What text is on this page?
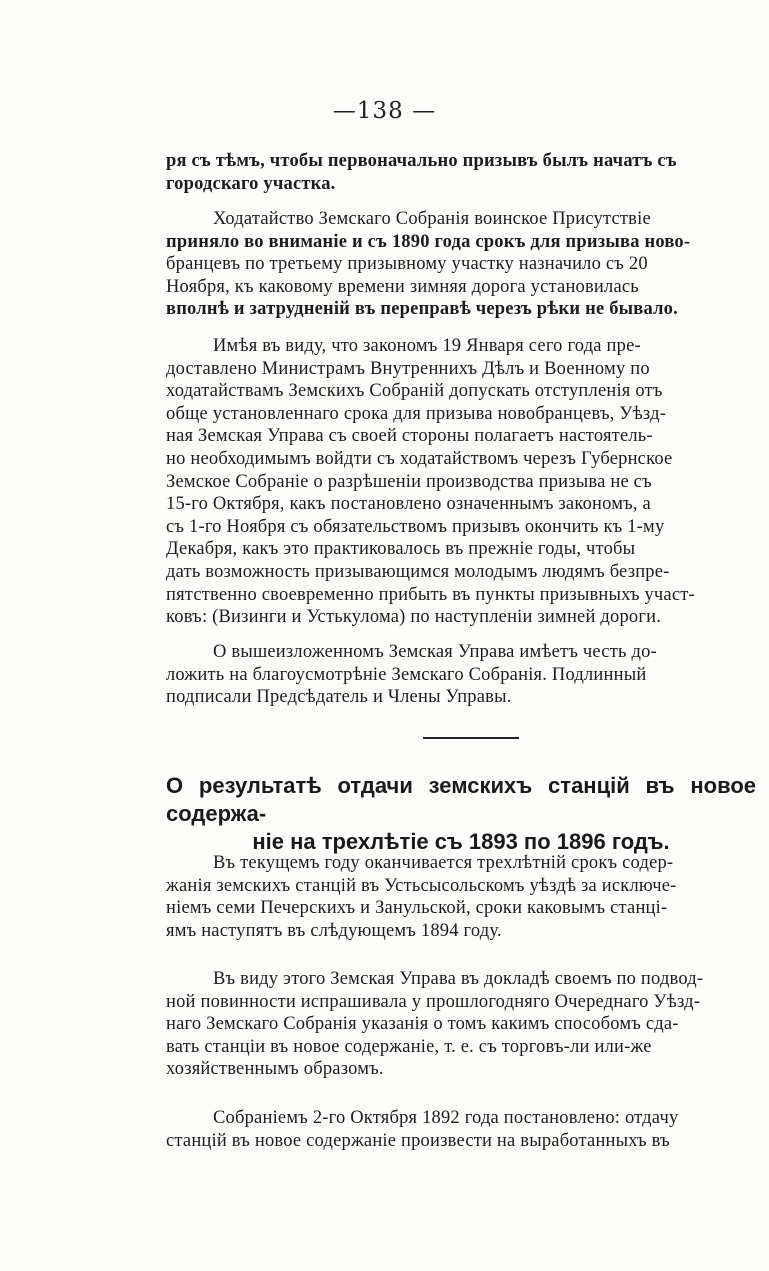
—138 —

ря съ тѣмъ, чтобы первоначально призывъ былъ начатъ съ
городскаго участка.

Ходатайство Земскаго Собранія воинское Присутствіе
приняло во вниманіе и съ 1890 года срокъ для призыва ново-
бранцевъ по третьему призывному участку назначило съ 20
Ноября, къ каковому времени зимняя дорога установилась
вполнѣ и затрудненій въ переправѣ черезъ рѣки не бывало.

Имѣя въ виду, что закономъ 19 Января сего года пре-
доставлено Министрамъ Внутреннихъ Дѣлъ и Военному по
ходатайствамъ Земскихъ Собраній допускать отступленія отъ
обще установленнаго срока для призыва новобранцевъ, Уѣзд-
ная Земская Управа съ своей стороны полагаетъ настоятель-
но необходимымъ войдти съ ходатайствомъ черезъ Губернское
Земское Собраніе о разрѣшеніи производства призыва не съ
15-го Октября, какъ постановлено означеннымъ закономъ, а
съ 1-го Ноября съ обязательствомъ призывъ окончить къ 1-му
Декабря, какъ это практиковалось въ прежніе годы, чтобы
дать возможность призывающимся молодымъ людямъ безпре-
пятственно своевременно прибыть въ пункты призывныхъ участ-
ковъ: (Визинги и Устькулома) по наступленіи зимней дороги.

О вышеизложенномъ Земская Управа имѣетъ честь до-
ложить на благоусмотрѣніе Земскаго Собранія. Подлинный
подписали Предсѣдатель и Члены Управы.

О результатѣ отдачи земскихъ станцій въ новое содержа-
ніе на трехлѣтіе съ 1893 по 1896 годъ.

Въ текущемъ году оканчивается трехлѣтній срокъ содер-
жанія земскихъ станцій въ Устьсысольскомъ уѣздѣ за исключе-
ніемъ семи Печерскихъ и Занульской, сроки каковымъ станці-
ямъ наступятъ въ слѣдующемъ 1894 году.

Въ виду этого Земская Управа въ докладѣ своемъ по подвод-
ной повинности испрашивала у прошлогодняго Очереднаго Уѣзд-
наго Земскаго Собранія указанія о томъ какимъ способомъ сда-
вать станціи въ новое содержаніе, т. е. съ торговъ-ли или-же
хозяйственнымъ образомъ.

Собраніемъ 2-го Октября 1892 года постановлено: отдачу
станцій въ новое содержаніе произвести на выработанныхъ въ
